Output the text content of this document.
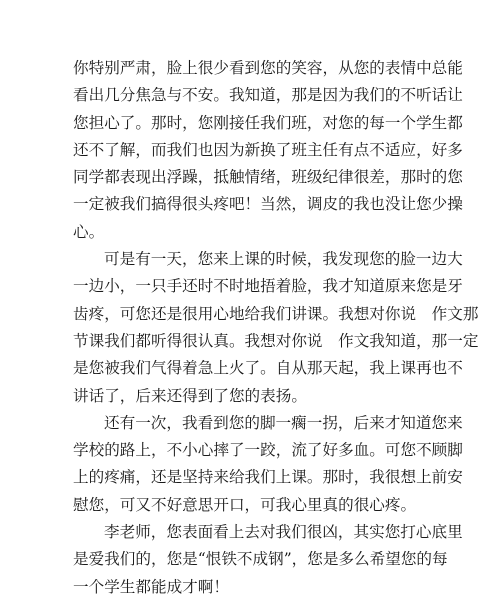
你特别严肃，脸上很少看到您的笑容，从您的表情中总能
看出几分焦急与不安。我知道，那是因为我们的不听话让
您担心了。那时，您刚接任我们班，对您的每一个学生都
还不了解，而我们也因为新换了班主任有点不适应，好多
同学都表现出浮躁，抵触情绪，班级纪律很差，那时的您
一定被我们搞得很头疼吧！当然，调皮的我也没让您少操
心。
可是有一天，您来上课的时候，我发现您的脸一边大
一边小，一只手还时不时地捂着脸，我才知道原来您是牙
齿疼，可您还是很用心地给我们讲课。我想对你说　作文那
节课我们都听得很认真。我想对你说　作文我知道，那一定
是您被我们气得着急上火了。自从那天起，我上课再也不
讲话了，后来还得到了您的表扬。
还有一次，我看到您的脚一瘸一拐，后来才知道您来
学校的路上，不小心摔了一跤，流了好多血。可您不顾脚
上的疼痛，还是坚持来给我们上课。那时，我很想上前安
慰您，可又不好意思开口，可我心里真的很心疼。
李老师，您表面看上去对我们很凶，其实您打心底里
是爱我们的，您是“恨铁不成钢”，您是多么希望您的每
一个学生都能成才啊！
